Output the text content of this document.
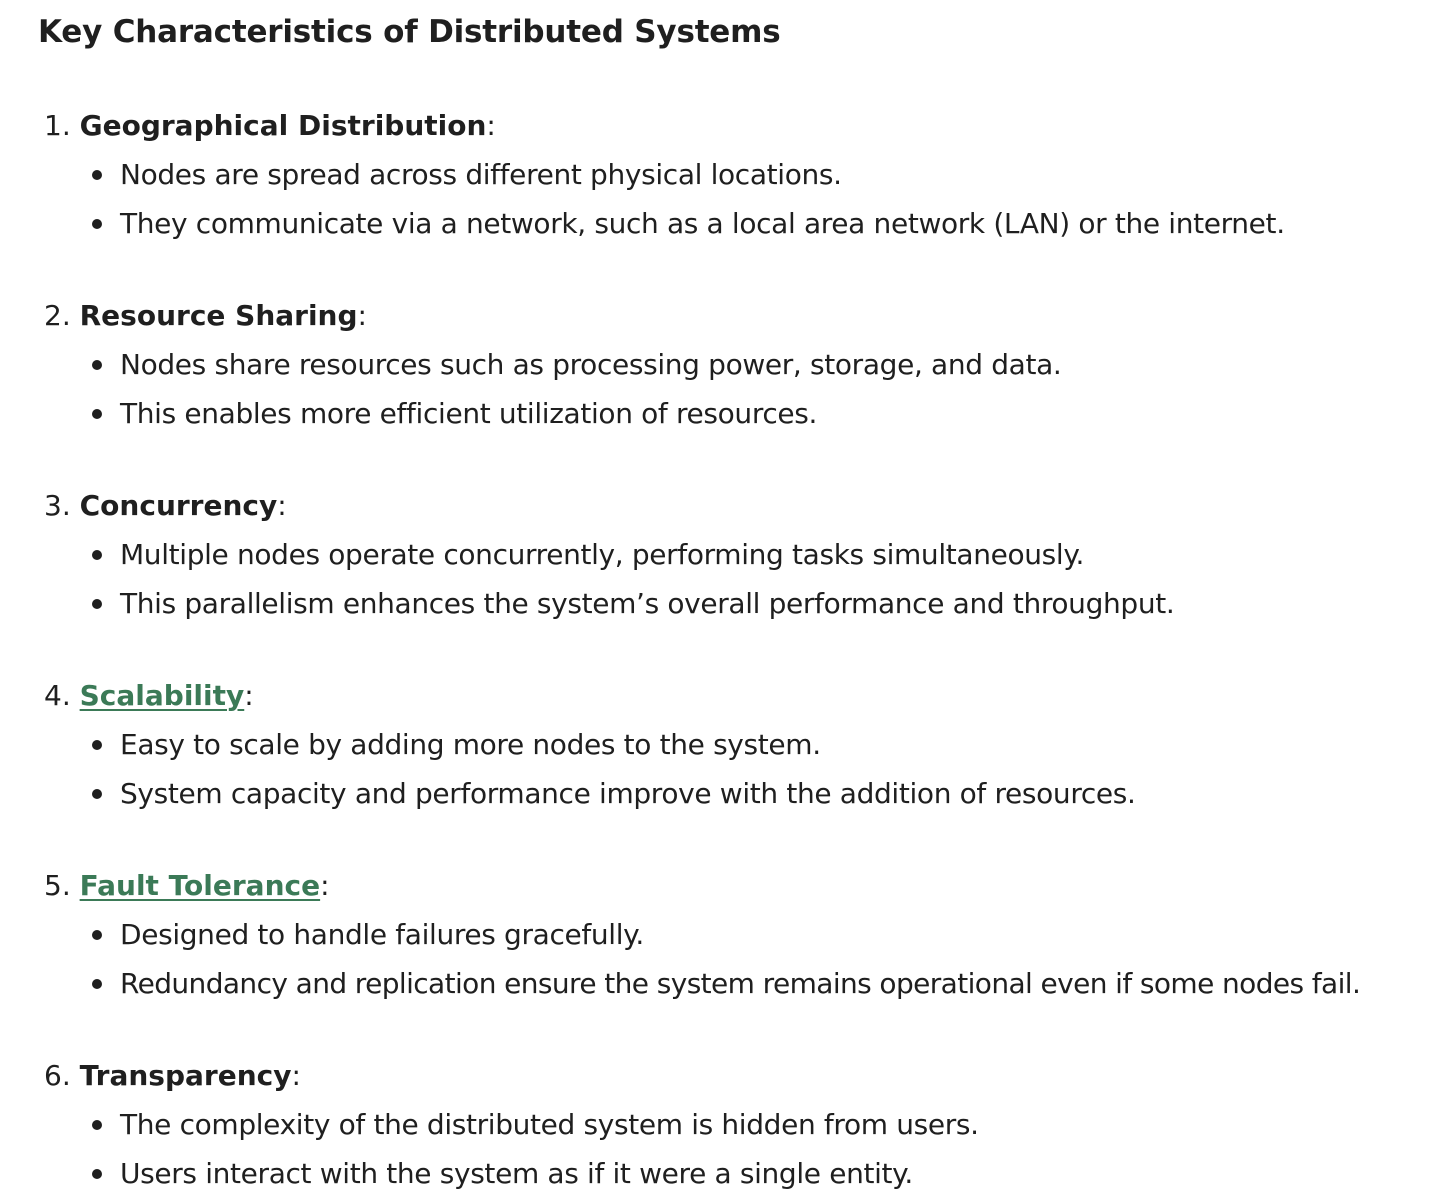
Key Characteristics of Distributed Systems
1. Geographical Distribution:
Nodes are spread across different physical locations.
They communicate via a network, such as a local area network (LAN) or the internet.
2. Resource Sharing:
Nodes share resources such as processing power, storage, and data.
This enables more efficient utilization of resources.
3. Concurrency:
Multiple nodes operate concurrently, performing tasks simultaneously.
This parallelism enhances the system’s overall performance and throughput.
4. Scalability:
Easy to scale by adding more nodes to the system.
System capacity and performance improve with the addition of resources.
5. Fault Tolerance:
Designed to handle failures gracefully.
Redundancy and replication ensure the system remains operational even if some nodes fail.
6. Transparency:
The complexity of the distributed system is hidden from users.
Users interact with the system as if it were a single entity.
